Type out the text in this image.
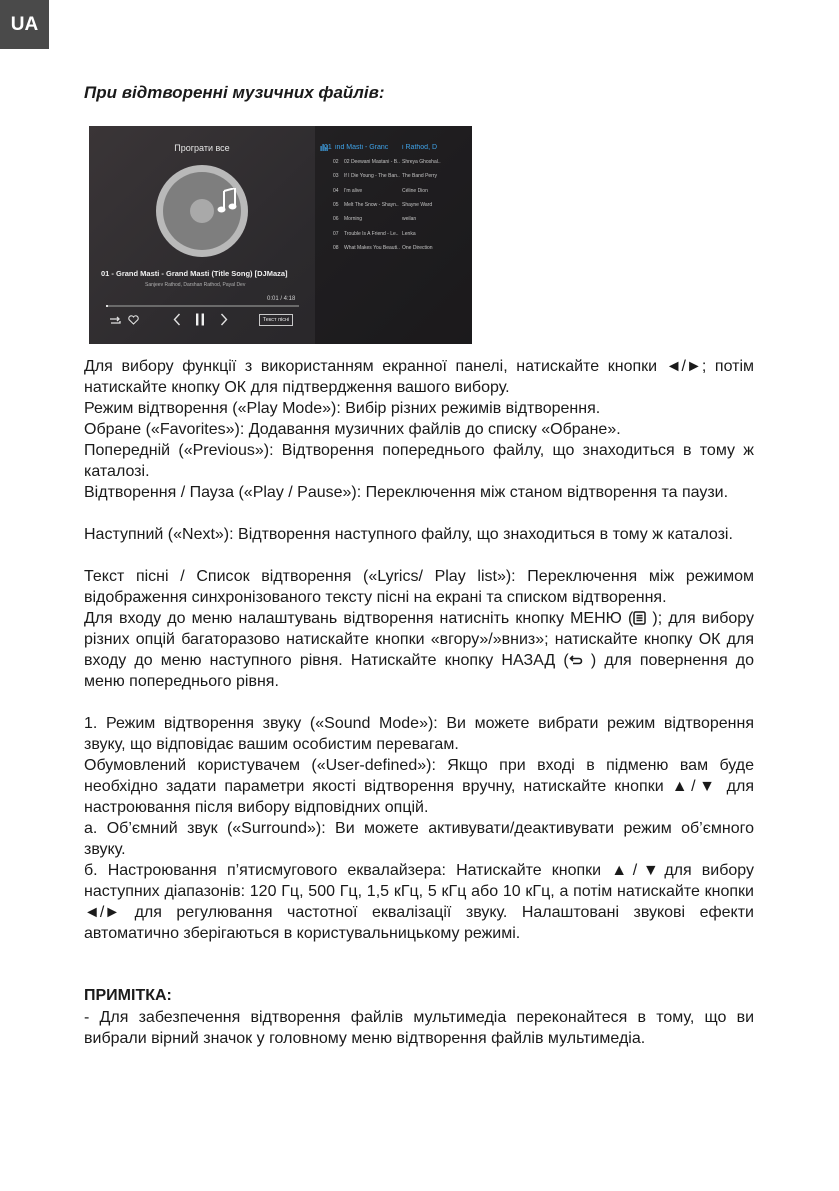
UA
При відтворенні музичних файлів:
Програти все
01 - Grand Masti - Grand Masti (Title Song) [DJMaza]
Sanjeev Rathod, Darshan Rathod, Payal Dev
0:01 / 4:18
Текст пісні
01 ind Masti - Granc	i Rathod, D
02 02 Deewani Mastani - B.. Shreya Ghoshal..
03 If I Die Young - The Ban.. The Band Perry
04 I'm alive	Céline Dion
05 Melt The Snow - Shayn.. Shayne Ward
06 Morning	weilan
07 Trouble Is A Friend - Le.. Lenka
08 What Makes You Beauti.. One Direction

Для вибору функції з використанням екранної панелі, натискайте кнопки ◄/►; потім натискайте кнопку ОК для підтвердження вашого вибору.

Режим відтворення («Play Mode»): Вибір різних режимів відтворення.

Обране («Favorites»): Додавання музичних файлів до списку «Обране».

Попередній («Previous»): Відтворення попереднього файлу, що знаходиться в тому ж каталозі.

Відтворення / Пауза («Play / Pause»): Переключення між станом відтворення та паузи.

Наступний («Next»): Відтворення наступного файлу, що знаходиться в тому ж каталозі.

Текст пісні / Список відтворення («Lyrics/ Play list»): Переключення між режимом відображення синхронізованого тексту пісні на екрані та списком відтворення.

Для входу до меню налаштувань відтворення натисніть кнопку МЕНЮ ( ); для вибору різних опцій багаторазово натискайте кнопки «вгору»/»вниз»; натискайте кнопку ОК для входу до меню наступного рівня. Натискайте кнопку НАЗАД ( ) для повернення до меню попереднього рівня.

1. Режим відтворення звуку («Sound Mode»): Ви можете вибрати режим відтворення звуку, що відповідає вашим особистим перевагам.

Обумовлений користувачем («User-defined»): Якщо при вході в підменю вам буде необхідно задати параметри якості відтворення вручну, натискайте кнопки ▲/▼ для настроювання після вибору відповідних опцій.

а. Об’ємний звук («Surround»): Ви можете активувати/деактивувати режим об’ємного звуку.

б. Настроювання п’ятисмугового еквалайзера: Натискайте кнопки ▲/▼для вибору наступних діапазонів: 120 Гц, 500 Гц, 1,5 кГц, 5 кГц або 10 кГц, а потім натискайте кнопки ◄/► для регулювання частотної еквалізації звуку. Налаштовані звукові ефекти автоматично зберігаються в користувальницькому режимі.

ПРИМІТКА:

- Для забезпечення відтворення файлів мультимедіа переконайтеся в тому, що ви вибрали вірний значок у головному меню відтворення файлів мультимедіа.
